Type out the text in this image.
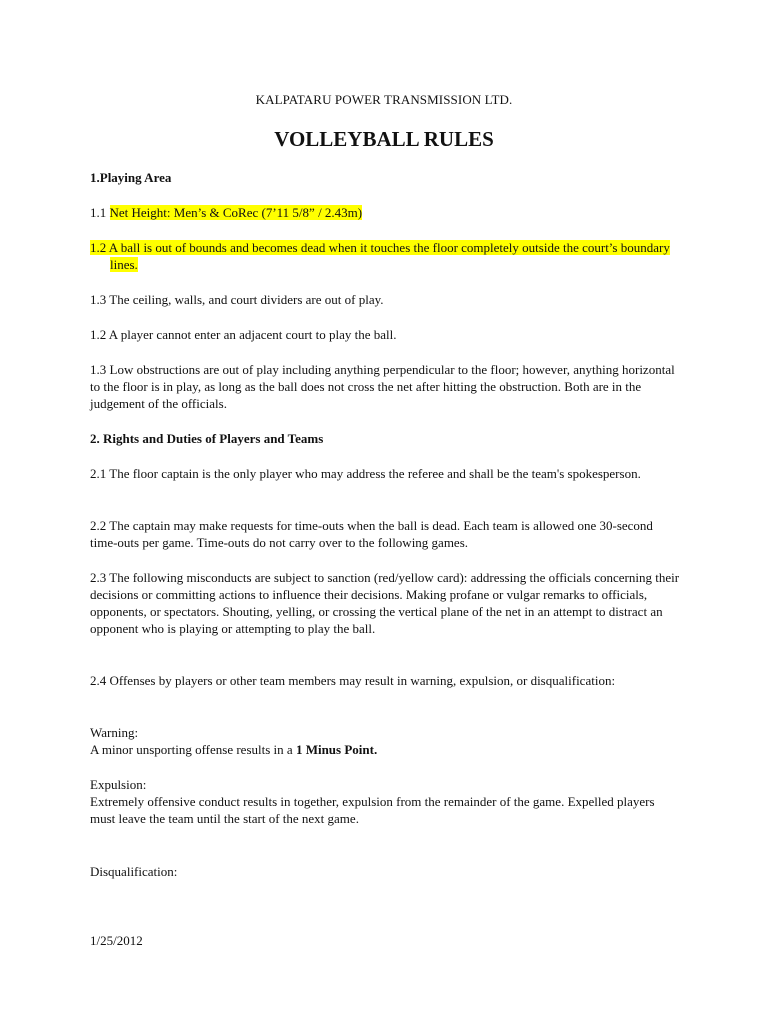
KALPATARU POWER TRANSMISSION LTD.
VOLLEYBALL RULES

1.Playing Area

1.1 Net Height: Men’s & CoRec (7’11 5/8” / 2.43m)

1.2 A ball is out of bounds and becomes dead when it touches the floor completely outside the court’s boundary lines.

1.3 The ceiling, walls, and court dividers are out of play.

1.2 A player cannot enter an adjacent court to play the ball.

1.3 Low obstructions are out of play including anything perpendicular to the floor; however, anything horizontal to the floor is in play, as long as the ball does not cross the net after hitting the obstruction. Both are in the judgement of the officials.

2. Rights and Duties of Players and Teams

2.1 The floor captain is the only player who may address the referee and shall be the team's spokesperson.

2.2 The captain may make requests for time-outs when the ball is dead. Each team is allowed one 30-second time-outs per game. Time-outs do not carry over to the following games.

2.3 The following misconducts are subject to sanction (red/yellow card): addressing the officials concerning their decisions or committing actions to influence their decisions. Making profane or vulgar remarks to officials, opponents, or spectators. Shouting, yelling, or crossing the vertical plane of the net in an attempt to distract an opponent who is playing or attempting to play the ball.

2.4 Offenses by players or other team members may result in warning, expulsion, or disqualification:

Warning:

A minor unsporting offense results in a 1 Minus Point.

Expulsion:

Extremely offensive conduct results in together, expulsion from the remainder of the game. Expelled players must leave the team until the start of the next game.

Disqualification:

1/25/2012
